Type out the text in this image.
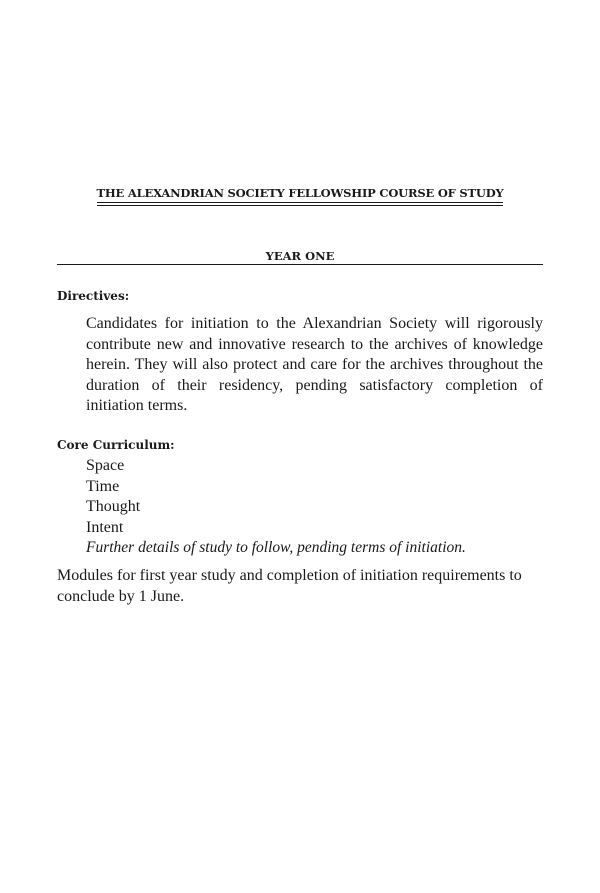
THE ALEXANDRIAN SOCIETY FELLOWSHIP COURSE OF STUDY
YEAR ONE
Directives:
Candidates for initiation to the Alexandrian Society will rigorously contribute new and innovative research to the archives of knowledge herein. They will also protect and care for the archives throughout the duration of their residency, pending satisfactory completion of initiation terms.
Core Curriculum:
Space
Time
Thought
Intent
Further details of study to follow, pending terms of initiation.
Modules for first year study and completion of initiation requirements to conclude by 1 June.
